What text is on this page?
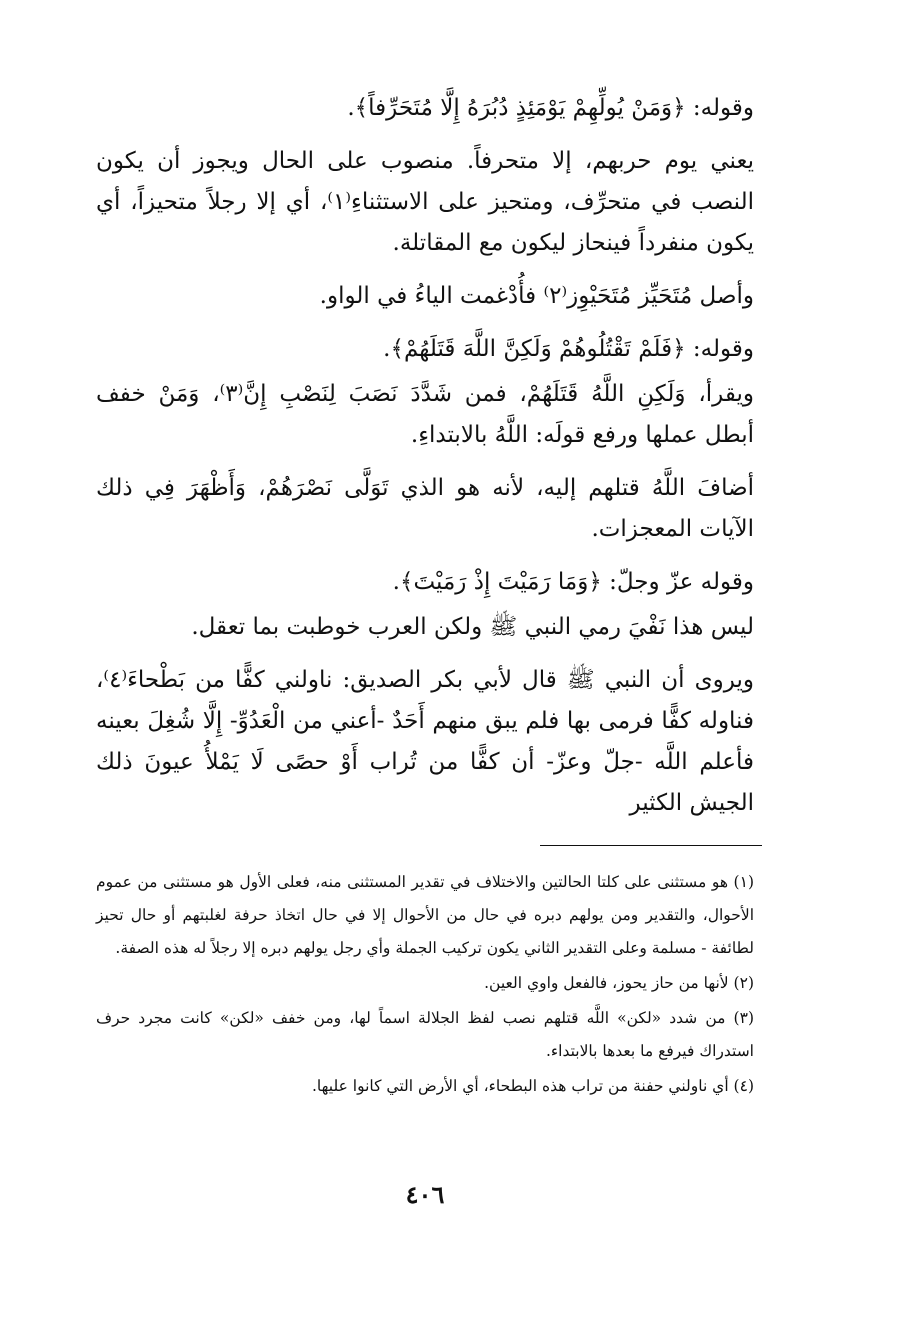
وقوله: ﴿وَمَنْ يُولِّهِمْ يَوْمَئِذٍ دُبُرَهُ إِلَّا مُتَحَرِّفاً﴾.

يعني يوم حربهم، إلا متحرفاً. منصوب على الحال ويجوز أن يكون النصب في متحرِّف، ومتحيز على الاستثناءِ⁽١⁾، أي إلا رجلاً متحيزاً، أي يكون منفرداً فينحاز ليكون مع المقاتلة.

وأصل مُتَحَيِّز مُتَحَيْوِز⁽٢⁾ فأُدْغمت الياءُ في الواو.

وقوله: ﴿فَلَمْ تَقْتُلُوهُمْ وَلَكِنَّ اللَّهَ قَتَلَهُمْ﴾.

ويقرأ، وَلَكِنِ اللَّهُ قَتَلَهُمْ، فمن شَدَّدَ نَصَبَ لِنَصْبِ إِنَّ⁽٣⁾، وَمَنْ خفف أبطل عملها ورفع قولَه: اللَّهُ بالابتداءِ.

أضافَ اللَّهُ قتلهم إليه، لأنه هو الذي تَوَلَّى نَصْرَهُمْ، وَأَظْهَرَ فِي ذلك الآيات المعجزات.

وقوله عزّ وجلّ: ﴿وَمَا رَمَيْتَ إِذْ رَمَيْتَ﴾.

ليس هذا نَفْيَ رمي النبي ﷺ ولكن العرب خوطبت بما تعقل.

ويروى أن النبي ﷺ قال لأبي بكر الصديق: ناولني كفًّا من بَطْحاءَ⁽٤⁾، فناوله كفًّا فرمى بها فلم يبق منهم أَحَدٌ -أعني من الْعَدُوِّ- إِلَّا شُغِلَ بعينه فأعلم اللَّه -جلّ وعزّ- أن كفًّا من تُراب أَوْ حصًى لَا يَمْلأُ عيونَ ذلك الجيش الكثير

(١) هو مستثنى على كلتا الحالتين والاختلاف في تقدير المستثنى منه، فعلى الأول هو مستثنى من عموم الأحوال، والتقدير ومن يولهم دبره في حال من الأحوال إلا في حال اتخاذ حرفة لغلبتهم أو حال تحيز لطائفة - مسلمة وعلى التقدير الثاني يكون تركيب الجملة وأي رجل يولهم دبره إلا رجلاً له هذه الصفة.

(٢) لأنها من حاز يحوز، فالفعل واوي العين.

(٣) من شدد «لكن» اللَّه قتلهم نصب لفظ الجلالة اسماً لها، ومن خفف «لكن» كانت مجرد حرف استدراك فيرفع ما بعدها بالابتداء.

(٤) أي ناولني حفنة من تراب هذه البطحاء، أي الأرض التي كانوا عليها.

٤٠٦
